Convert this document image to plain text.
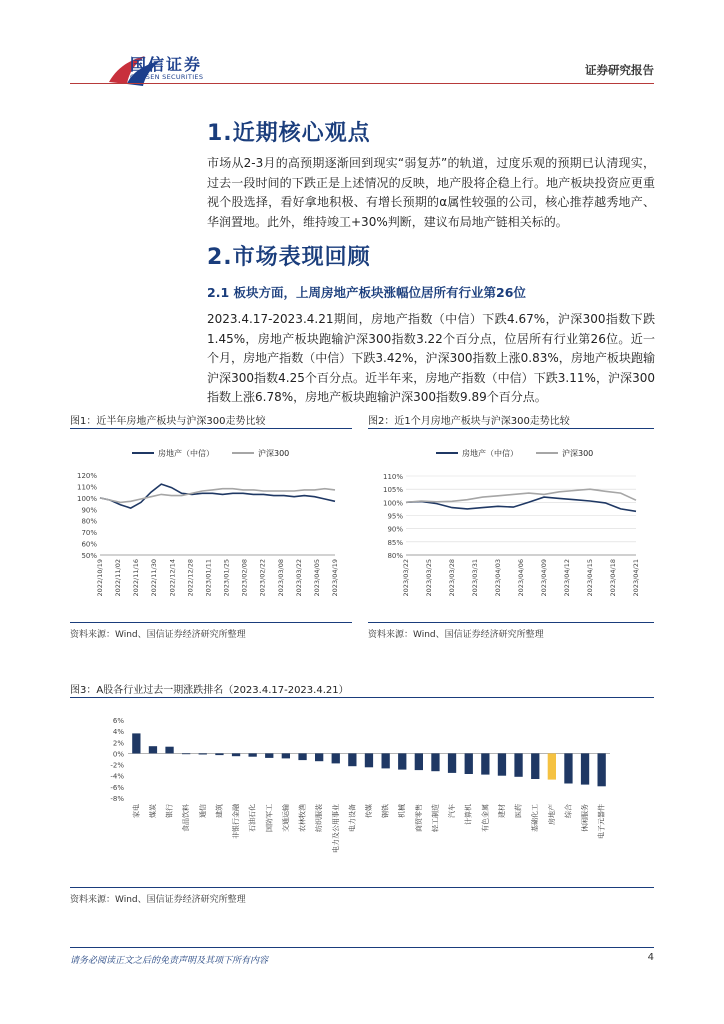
国信证券
GUOSEN SECURITIES	证券研究报告
1.近期核心观点
市场从2-3月的高预期逐渐回到现实“弱复苏”的轨道，过度乐观的预期已认清现实，过去一段时间的下跌正是上述情况的反映，地产股将企稳上行。地产板块投资应更重视个股选择，看好拿地积极、有增长预期的α属性较强的公司，核心推荐越秀地产、华润置地。此外，维持竣工+30%判断，建议布局地产链相关标的。
2.市场表现回顾
2.1 板块方面，上周房地产板块涨幅位居所有行业第26位
2023.4.17-2023.4.21期间，房地产指数（中信）下跌4.67%，沪深300指数下跌1.45%，房地产板块跑输沪深300指数3.22个百分点，位居所有行业第26位。近一个月，房地产指数（中信）下跌3.42%，沪深300指数上涨0.83%，房地产板块跑输沪深300指数4.25个百分点。近半年来，房地产指数（中信）下跌3.11%，沪深300指数上涨6.78%，房地产板块跑输沪深300指数9.89个百分点。
图1：近半年房地产板块与沪深300走势比较
房地产（中信）	沪深300
120%
110%
100%
90%
80%
70%
60%
50%
2022/10/19 2022/11/02 2022/11/16 2022/11/30 2022/12/14 2022/12/28 2023/01/11 2023/01/25 2023/02/08 2023/02/22 2023/03/08 2023/03/22 2023/04/05 2023/04/19
资料来源：Wind、国信证券经济研究所整理
图2：近1个月房地产板块与沪深300走势比较
房地产（中信）	沪深300
110%
105%
100%
95%
90%
85%
80%
2023/03/22 2023/03/25 2023/03/28 2023/03/31 2023/04/03 2023/04/06 2023/04/09 2023/04/12 2023/04/15 2023/04/18 2023/04/21
资料来源：Wind、国信证券经济研究所整理
图3：A股各行业过去一期涨跌排名（2023.4.17-2023.4.21）
6%
4%
2%
0%
-2%
-4%
-6%
-8%
家电 煤炭 银行 食品饮料 通信 建筑 非银行金融 石油石化 国防军工 交通运输 农林牧渔 纺织服装 电力及公用事业 电力设备 传媒 钢铁 机械 商贸零售 轻工制造 汽车 计算机 有色金属 建材 医药 基础化工 房地产 综合 休闲服务 电子元器件
资料来源：Wind、国信证券经济研究所整理
请务必阅读正文之后的免责声明及其项下所有内容	4
